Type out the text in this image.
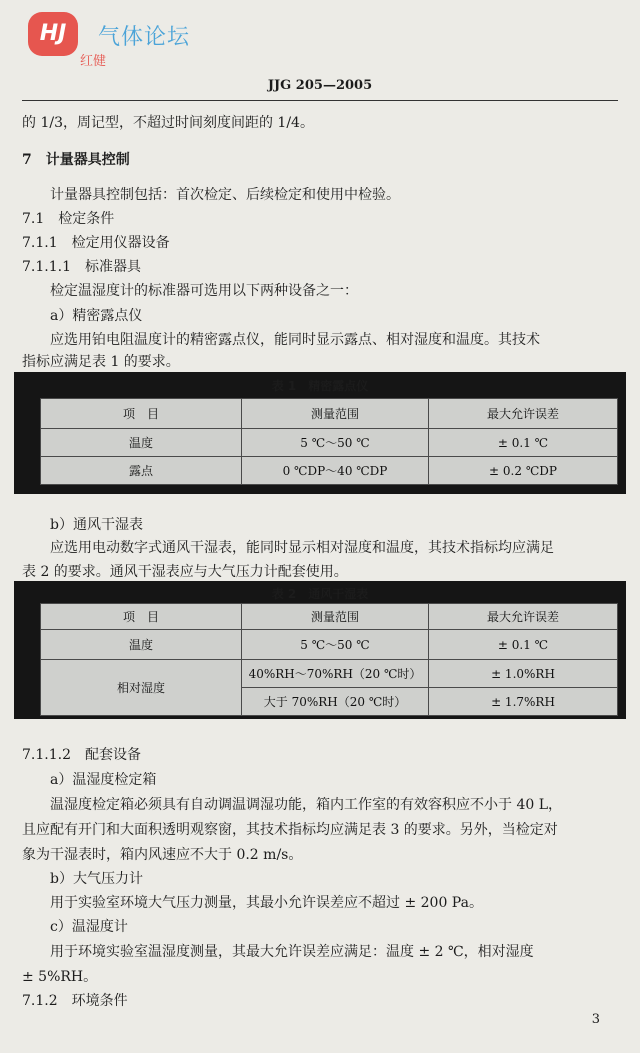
HJ	气体论坛
红健
JJG 205—2005
的 1/3，周记型，不超过时间刻度间距的 1/4。
7　计量器具控制
计量器具控制包括：首次检定、后续检定和使用中检验。
7.1　检定条件
7.1.1　检定用仪器设备
7.1.1.1　标准器具
检定温湿度计的标准器可选用以下两种设备之一：
a）精密露点仪
应选用铂电阻温度计的精密露点仪，能同时显示露点、相对湿度和温度。其技术
指标应满足表 1 的要求。
表 1　精密露点仪
项　目	测量范围	最大允许误差
温度	5 ℃～50 ℃	± 0.1 ℃
露点	0 ℃DP～40 ℃DP	± 0.2 ℃DP
b）通风干湿表
应选用电动数字式通风干湿表，能同时显示相对湿度和温度，其技术指标均应满足
表 2 的要求。通风干湿表应与大气压力计配套使用。
表 2　通风干湿表
项　目	测量范围	最大允许误差
温度	5 ℃～50 ℃	± 0.1 ℃
相对湿度	40%RH～70%RH（20 ℃时）	± 1.0%RH
	大于 70%RH（20 ℃时）	± 1.7%RH
7.1.1.2　配套设备
a）温湿度检定箱
温湿度检定箱必须具有自动调温调湿功能，箱内工作室的有效容积应不小于 40 L，
且应配有开门和大面积透明观察窗，其技术指标均应满足表 3 的要求。另外，当检定对
象为干湿表时，箱内风速应不大于 0.2 m/s。
b）大气压力计
用于实验室环境大气压力测量，其最小允许误差应不超过 ± 200 Pa。
c）温湿度计
用于环境实验室温湿度测量，其最大允许误差应满足：温度 ± 2 ℃，相对湿度
± 5%RH。
7.1.2　环境条件
3
